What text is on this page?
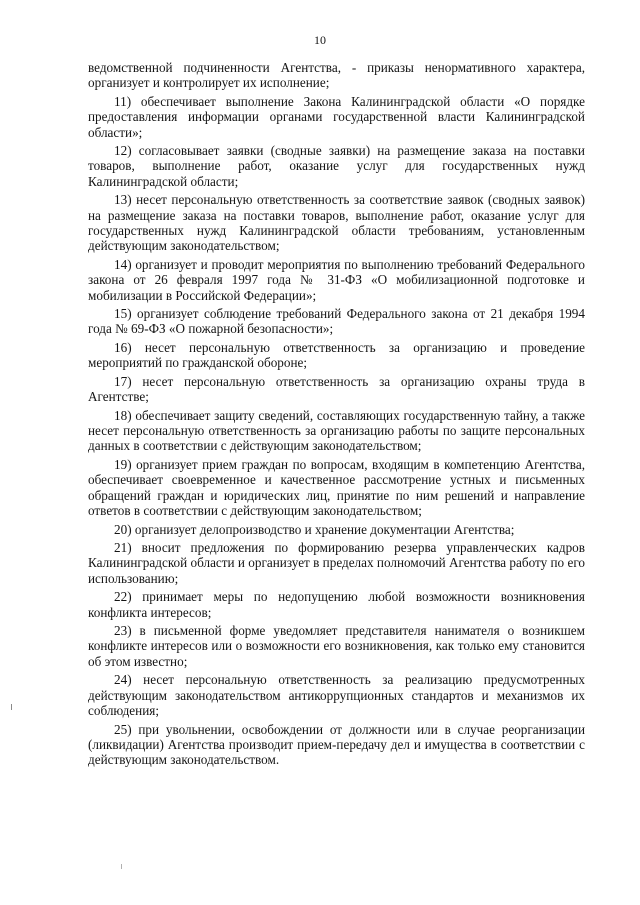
10

ведомственной подчиненности Агентства, - приказы ненормативного характера, организует и контролирует их исполнение;

11) обеспечивает выполнение Закона Калининградской области «О порядке предоставления информации органами государственной власти Калининградской области»;

12) согласовывает заявки (сводные заявки) на размещение заказа на поставки товаров, выполнение работ, оказание услуг для государственных нужд Калининградской области;

13) несет персональную ответственность за соответствие заявок (сводных заявок) на размещение заказа на поставки товаров, выполнение работ, оказание услуг для государственных нужд Калининградской области требованиям, установленным действующим законодательством;

14) организует и проводит мероприятия по выполнению требований Федерального закона от 26 февраля 1997 года № 31-ФЗ «О мобилизационной подготовке и мобилизации в Российской Федерации»;

15) организует соблюдение требований Федерального закона от 21 декабря 1994 года № 69-ФЗ «О пожарной безопасности»;

16) несет персональную ответственность за организацию и проведение мероприятий по гражданской обороне;

17) несет персональную ответственность за организацию охраны труда в Агентстве;

18) обеспечивает защиту сведений, составляющих государственную тайну, а также несет персональную ответственность за организацию работы по защите персональных данных в соответствии с действующим законодательством;

19) организует прием граждан по вопросам, входящим в компетенцию Агентства, обеспечивает своевременное и качественное рассмотрение устных и письменных обращений граждан и юридических лиц, принятие по ним решений и направление ответов в соответствии с действующим законодательством;

20) организует делопроизводство и хранение документации Агентства;

21) вносит предложения по формированию резерва управленческих кадров Калининградской области и организует в пределах полномочий Агентства работу по его использованию;

22) принимает меры по недопущению любой возможности возникновения конфликта интересов;

23) в письменной форме уведомляет представителя нанимателя о возникшем конфликте интересов или о возможности его возникновения, как только ему становится об этом известно;

24) несет персональную ответственность за реализацию предусмотренных действующим законодательством антикоррупционных стандартов и механизмов их соблюдения;

25) при увольнении, освобождении от должности или в случае реорганизации (ликвидации) Агентства производит прием-передачу дел и имущества в соответствии с действующим законодательством.
